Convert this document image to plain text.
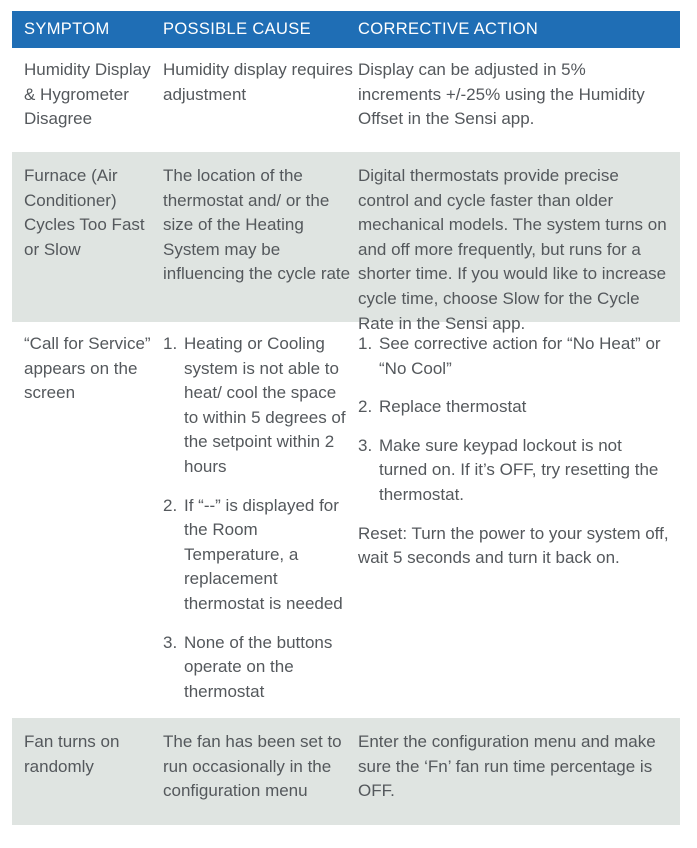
SYMPTOM	POSSIBLE CAUSE	CORRECTIVE ACTION

Humidity Display & Hygrometer Disagree

Humidity display requires adjustment

Display can be adjusted in 5% increments +/-25% using the Humidity Offset in the Sensi app.

Furnace (Air Conditioner) Cycles Too Fast or Slow

The location of the thermostat and/ or the size of the Heating System may be influencing the cycle rate

Digital thermostats provide precise control and cycle faster than older mechanical models. The system turns on and off more frequently, but runs for a shorter time. If you would like to increase cycle time, choose Slow for the Cycle Rate in the Sensi app.

“Call for Service” appears on the screen

1. Heating or Cooling system is not able to heat/ cool the space to within 5 degrees of the setpoint within 2 hours
2. If “--” is displayed for the Room Temperature, a replacement thermostat is needed
3. None of the buttons operate on the thermostat
1. See corrective action for “No Heat” or “No Cool”
2. Replace thermostat
3. Make sure keypad lockout is not turned on. If it’s OFF, try resetting the thermostat.

Reset: Turn the power to your system off, wait 5 seconds and turn it back on.

Fan turns on randomly

The fan has been set to run occasionally in the configuration menu

Enter the configuration menu and make sure the ‘Fn’ fan run time percentage is OFF.
